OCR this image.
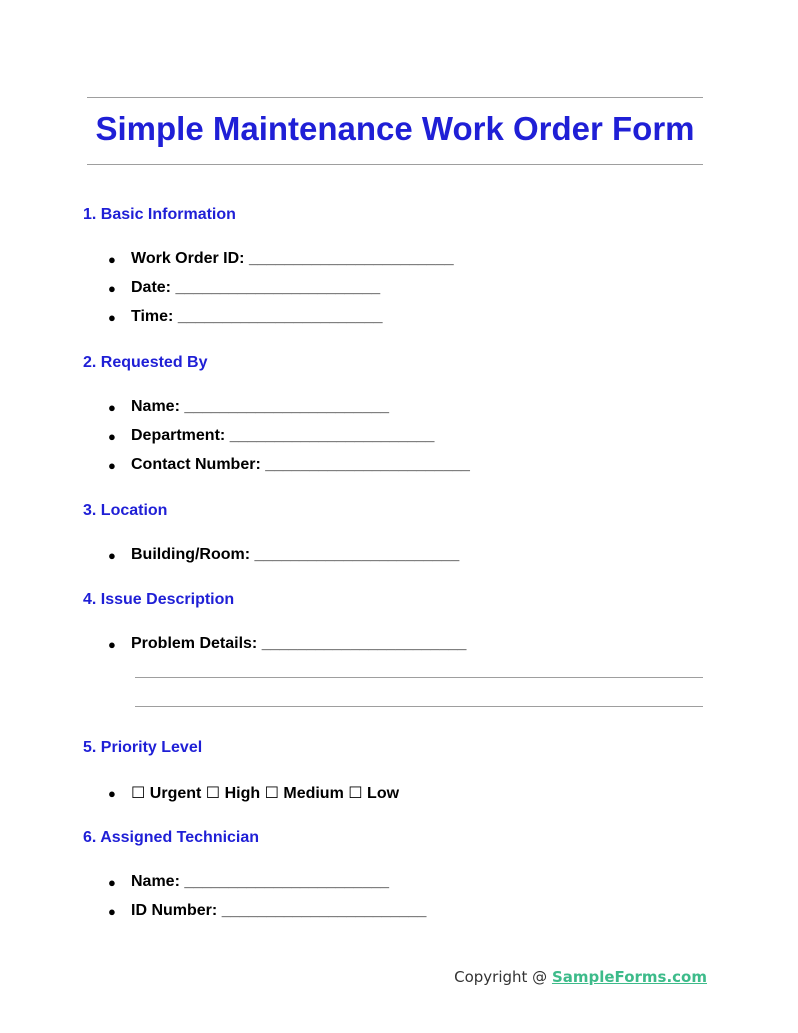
Simple Maintenance Work Order Form
1. Basic Information
● Work Order ID:
_______________________
● Date:
_______________________
● Time:
_______________________
2. Requested By
● Name:
_______________________
● Department:
_______________________
● Contact Number:
_______________________
3. Location
● Building/Room:
_______________________
4. Issue Description
● Problem Details:
_______________________
5. Priority Level
● ☐ Urgent ☐ High ☐ Medium ☐ Low
6. Assigned Technician
● Name:
_______________________
● ID Number:
_______________________
Copyright @ SampleForms.com
